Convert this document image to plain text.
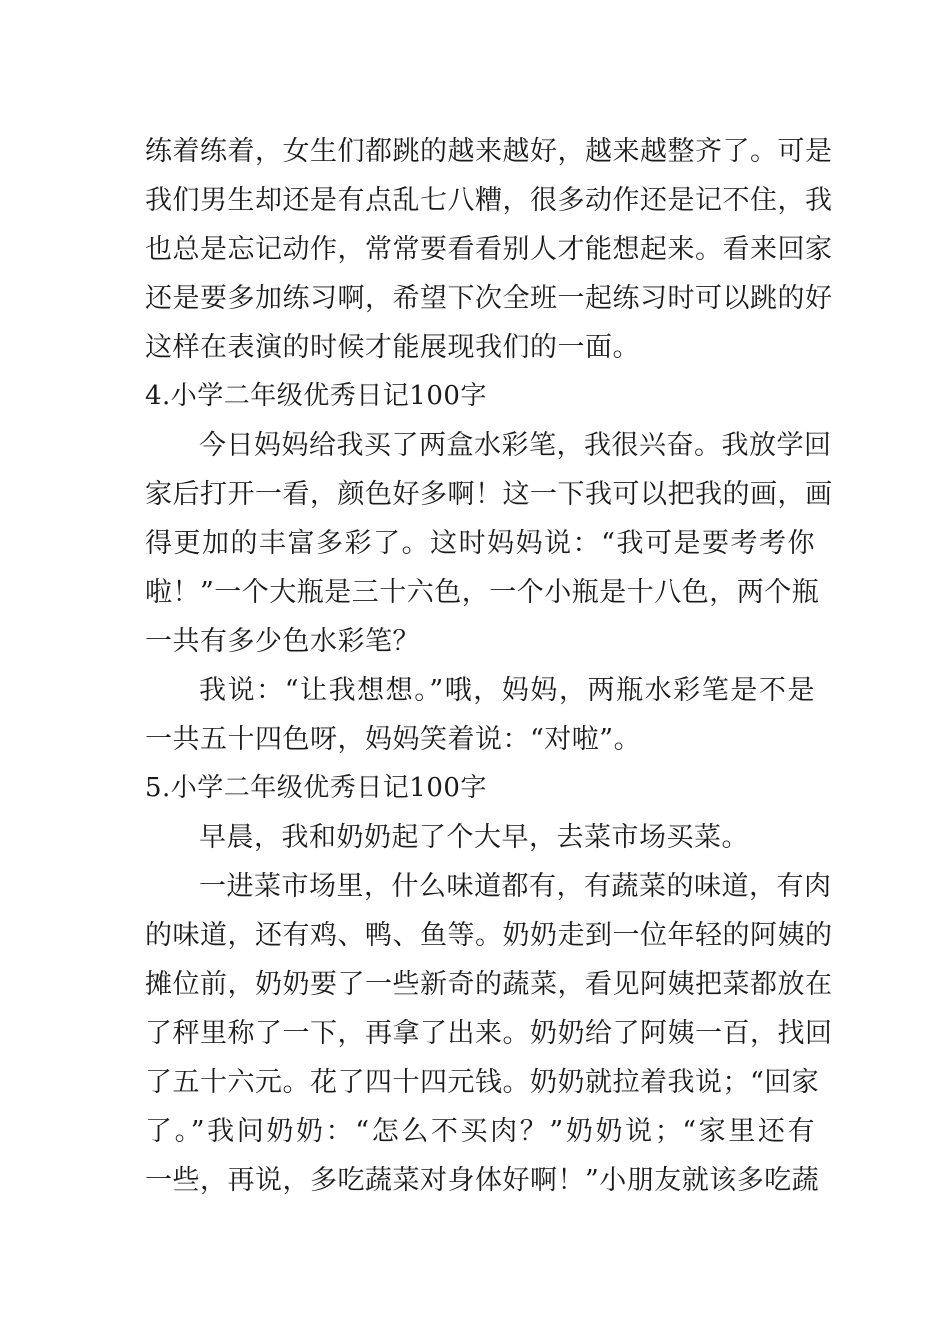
练着练着，女生们都跳的越来越好，越来越整齐了。可是
我们男生却还是有点乱七八糟，很多动作还是记不住，我
也总是忘记动作，常常要看看别人才能想起来。看来回家
还是要多加练习啊，希望下次全班一起练习时可以跳的好
这样在表演的时候才能展现我们的一面。
4.小学二年级优秀日记100字
今日妈妈给我买了两盒水彩笔，我很兴奋。我放学回
家后打开一看，颜色好多啊！这一下我可以把我的画，画
得更加的丰富多彩了。这时妈妈说：“我可是要考考你
啦！”一个大瓶是三十六色，一个小瓶是十八色，两个瓶
一共有多少色水彩笔？
我说：“让我想想。”哦，妈妈，两瓶水彩笔是不是
一共五十四色呀，妈妈笑着说：“对啦”。
5.小学二年级优秀日记100字
早晨，我和奶奶起了个大早，去菜市场买菜。
一进菜市场里，什么味道都有，有蔬菜的味道，有肉
的味道，还有鸡、鸭、鱼等。奶奶走到一位年轻的阿姨的
摊位前，奶奶要了一些新奇的蔬菜，看见阿姨把菜都放在
了秤里称了一下，再拿了出来。奶奶给了阿姨一百，找回
了五十六元。花了四十四元钱。奶奶就拉着我说；“回家
了。”我问奶奶：“怎么不买肉？”奶奶说；“家里还有
一些，再说，多吃蔬菜对身体好啊！”小朋友就该多吃蔬
